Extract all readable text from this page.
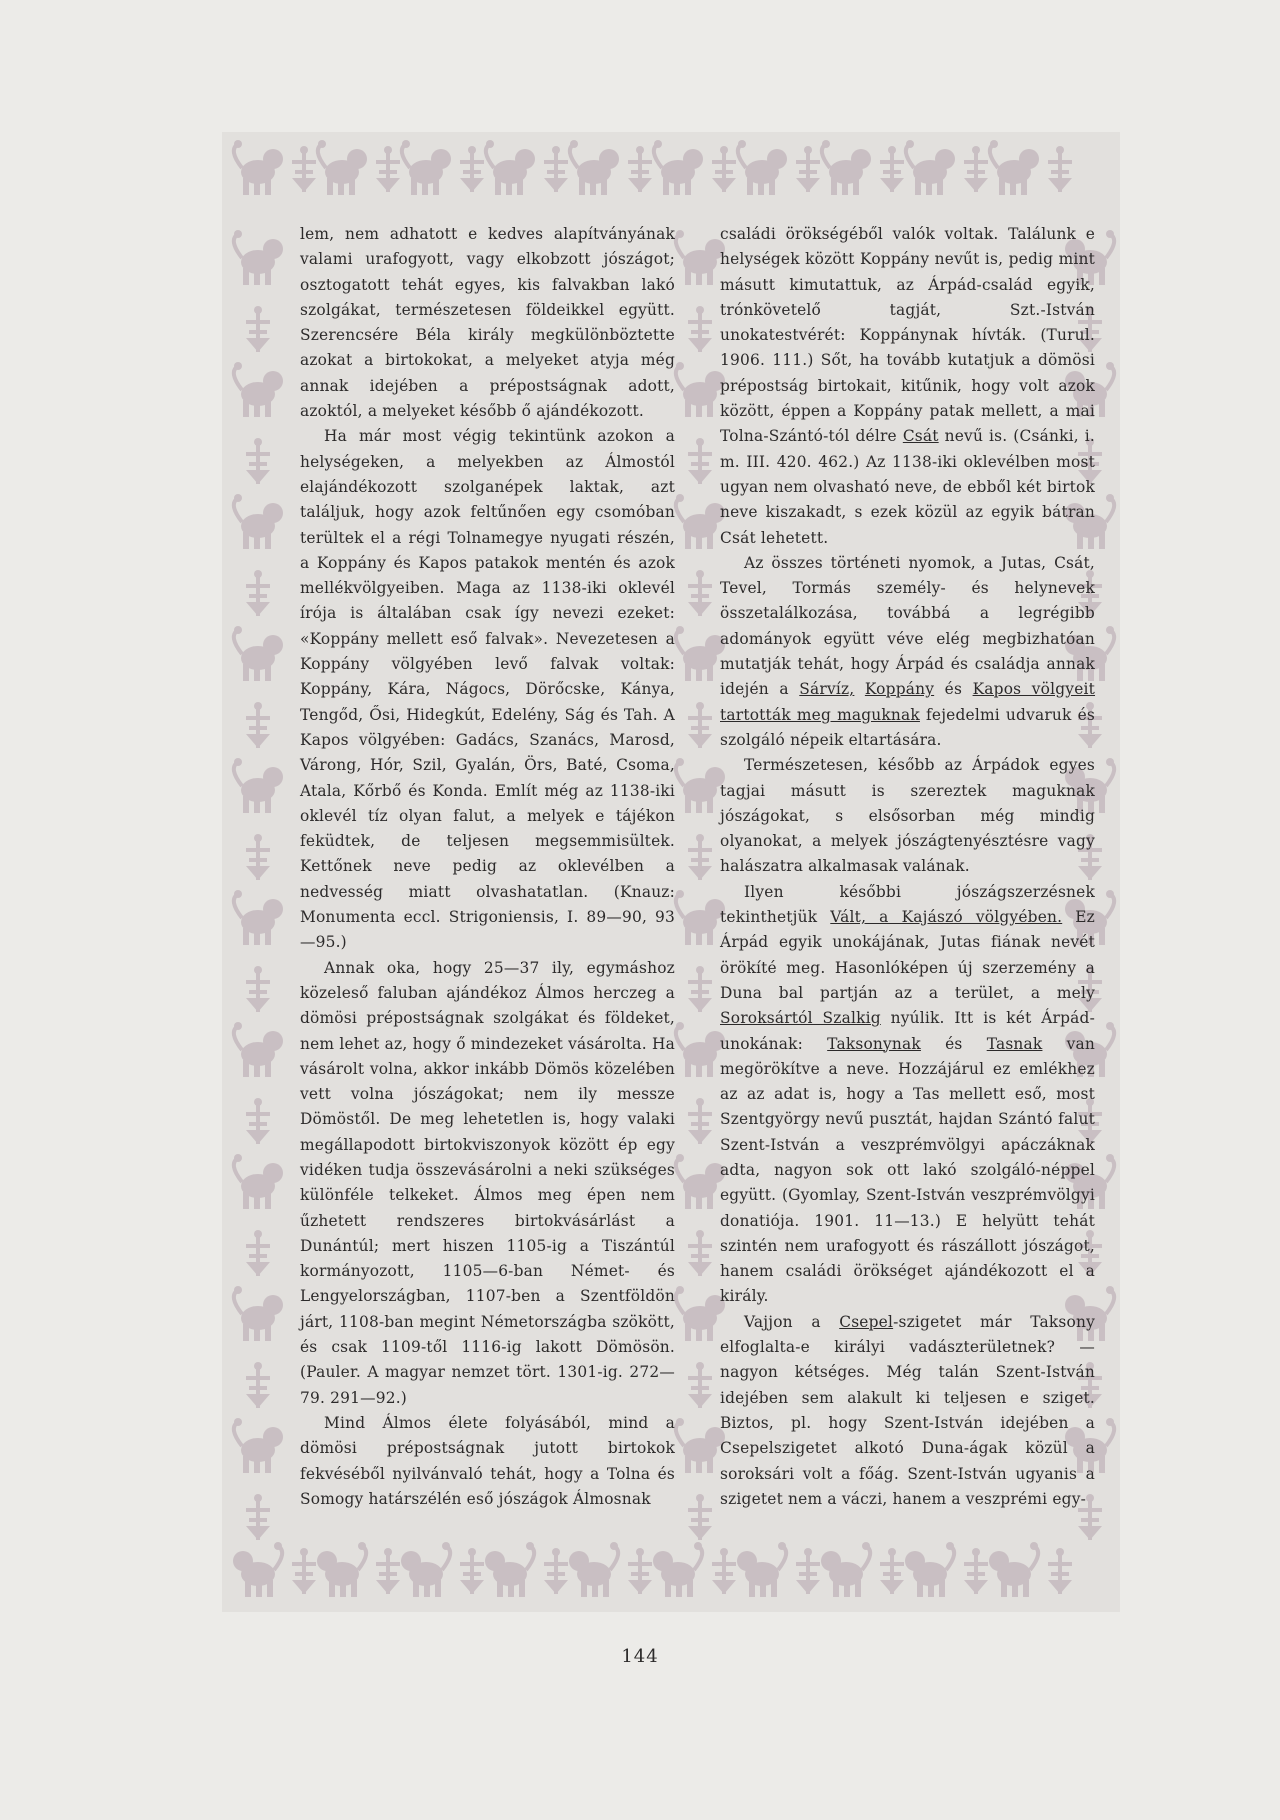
lem, nem adhatott e kedves alapítványának valami urafogyott, vagy elkobzott jószágot; osztogatott tehát egyes, kis falvakban lakó szolgákat, természetesen földeikkel együtt. Szerencsére Béla király megkülönböztette azokat a birtokokat, a melyeket atyja még annak idejében a prépostságnak adott, azoktól, a melyeket később ő ajándékozott.

Ha már most végig tekintünk azokon a helységeken, a melyekben az Álmostól elajándékozott szolganépek laktak, azt találjuk, hogy azok feltűnően egy csomóban terültek el a régi Tolnamegye nyugati részén, a Koppány és Kapos patakok mentén és azok mellékvölgyeiben. Maga az 1138-iki oklevél írója is általában csak így nevezi ezeket: «Koppány mellett eső falvak». Nevezetesen a Koppány völgyében levő falvak voltak: Koppány, Kára, Nágocs, Dörőcske, Kánya, Tengőd, Ősi, Hidegkút, Edelény, Ság és Tah. A Kapos völgyében: Gadács, Szanács, Marosd, Várong, Hór, Szil, Gyalán, Örs, Baté, Csoma, Atala, Kőrbő és Konda. Említ még az 1138-iki oklevél tíz olyan falut, a melyek e tájékon feküdtek, de teljesen megsemmisültek. Kettőnek neve pedig az oklevélben a nedvesség miatt olvashatatlan. (Knauz: Monumenta eccl. Strigoniensis, I. 89—90, 93—95.)

Annak oka, hogy 25—37 ily, egymáshoz közeleső faluban ajándékoz Álmos herczeg a dömösi prépostságnak szolgákat és földeket, nem lehet az, hogy ő mindezeket vásárolta. Ha vásárolt volna, akkor inkább Dömös közelében vett volna jószágokat; nem ily messze Dömöstől. De meg lehetetlen is, hogy valaki megállapodott birtokviszonyok között ép egy vidéken tudja összevásárolni a neki szükséges különféle telkeket. Álmos meg épen nem űzhetett rendszeres birtokvásárlást a Dunántúl; mert hiszen 1105-ig a Tiszántúl kormányozott, 1105—6-ban Német- és Lengyelországban, 1107-ben a Szentföldön járt, 1108-ban megint Németországba szökött, és csak 1109-től 1116-ig lakott Dömösön. (Pauler. A magyar nemzet tört. 1301-ig. 272—79. 291—92.)

Mind Álmos élete folyásából, mind a dömösi prépostságnak jutott birtokok fekvéséből nyilvánvaló tehát, hogy a Tolna és Somogy határszélén eső jószágok Álmosnak

családi örökségéből valók voltak. Találunk e helységek között Koppány nevűt is, pedig mint másutt kimutattuk, az Árpád-család egyik, trónkövetelő tagját, Szt.-István unokatestvérét: Koppánynak hívták. (Turul. 1906. 111.) Sőt, ha tovább kutatjuk a dömösi prépostság birtokait, kitűnik, hogy volt azok között, éppen a Koppány patak mellett, a mai Tolna-Szántó-tól délre Csát nevű is. (Csánki, i. m. III. 420. 462.) Az 1138-iki oklevélben most ugyan nem olvasható neve, de ebből két birtok neve kiszakadt, s ezek közül az egyik bátran Csát lehetett.

Az összes történeti nyomok, a Jutas, Csát, Tevel, Tormás személy- és helynevek összetalálkozása, továbbá a legrégibb adományok együtt véve elég megbizhatóan mutatják tehát, hogy Árpád és családja annak idején a Sárvíz, Koppány és Kapos völgyeit tartották meg maguknak fejedelmi udvaruk és szolgáló népeik eltartására.

Természetesen, később az Árpádok egyes tagjai másutt is szereztek maguknak jószágokat, s elsősorban még mindig olyanokat, a melyek jószágtenyésztésre vagy halászatra alkalmasak valának.

Ilyen későbbi jószágszerzésnek tekinthetjük Vált, a Kajászó völgyében. Ez Árpád egyik unokájának, Jutas fiának nevét örökíté meg. Hasonlóképen új szerzemény a Duna bal partján az a terület, a mely Soroksártól Szalkig nyúlik. Itt is két Árpád-unokának: Taksonynak és Tasnak van megörökítve a neve. Hozzájárul ez emlékhez az az adat is, hogy a Tas mellett eső, most Szentgyörgy nevű pusztát, hajdan Szántó falut Szent-István a veszprémvölgyi apáczáknak adta, nagyon sok ott lakó szolgáló-néppel együtt. (Gyomlay, Szent-István veszprémvölgyi donatiója. 1901. 11—13.) E helyütt tehát szintén nem urafogyott és rászállott jószágot, hanem családi örökséget ajándékozott el a király.

Vajjon a Csepel-szigetet már Taksony elfoglalta-e királyi vadászterületnek? — nagyon kétséges. Még talán Szent-István idejében sem alakult ki teljesen e sziget. Biztos, pl. hogy Szent-István idejében a Csepelszigetet alkotó Duna-ágak közül a soroksári volt a főág. Szent-István ugyanis a szigetet nem a váczi, hanem a veszprémi egy-

144
